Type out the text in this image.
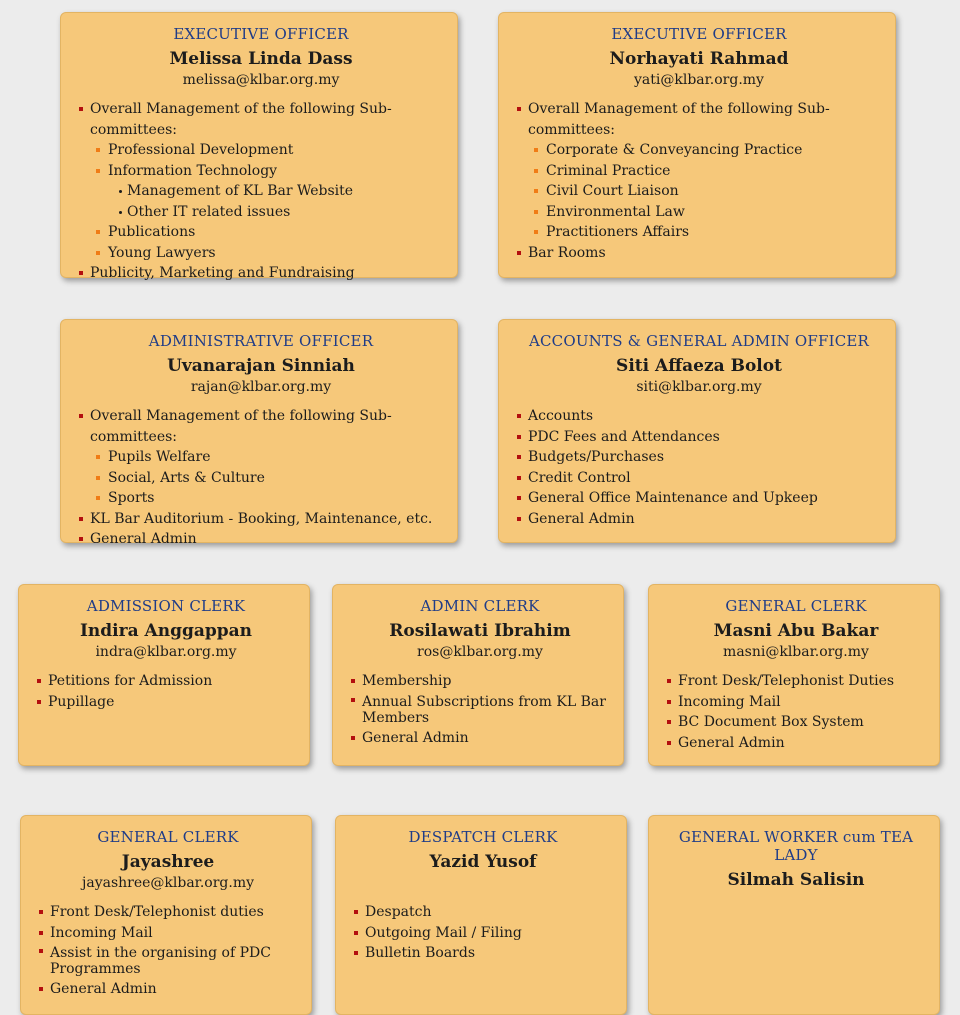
EXECUTIVE OFFICER
Melissa Linda Dass
melissa@klbar.org.my
Overall Management of the following Sub-committees:
Professional Development
Information Technology
Management of KL Bar Website
Other IT related issues
Publications
Young Lawyers
Publicity, Marketing and Fundraising
EXECUTIVE OFFICER
Norhayati Rahmad
yati@klbar.org.my
Overall Management of the following Sub-committees:
Corporate & Conveyancing Practice
Criminal Practice
Civil Court Liaison
Environmental Law
Practitioners Affairs
Bar Rooms
ADMINISTRATIVE OFFICER
Uvanarajan Sinniah
rajan@klbar.org.my
Overall Management of the following Sub-committees:
Pupils Welfare
Social, Arts & Culture
Sports
KL Bar Auditorium - Booking, Maintenance, etc.
General Admin
ACCOUNTS & GENERAL ADMIN OFFICER
Siti Affaeza Bolot
siti@klbar.org.my
Accounts
PDC Fees and Attendances
Budgets/Purchases
Credit Control
General Office Maintenance and Upkeep
General Admin
ADMISSION CLERK
Indira Anggappan
indra@klbar.org.my
Petitions for Admission
Pupillage
ADMIN CLERK
Rosilawati Ibrahim
ros@klbar.org.my
Membership
Annual Subscriptions from KL Bar Members
General Admin
GENERAL CLERK
Masni Abu Bakar
masni@klbar.org.my
Front Desk/Telephonist Duties
Incoming Mail
BC Document Box System
General Admin
GENERAL CLERK
Jayashree
jayashree@klbar.org.my
Front Desk/Telephonist duties
Incoming Mail
Assist in the organising of PDC Programmes
General Admin
DESPATCH CLERK
Yazid Yusof
Despatch
Outgoing Mail / Filing
Bulletin Boards
GENERAL WORKER cum TEA LADY
Silmah Salisin
